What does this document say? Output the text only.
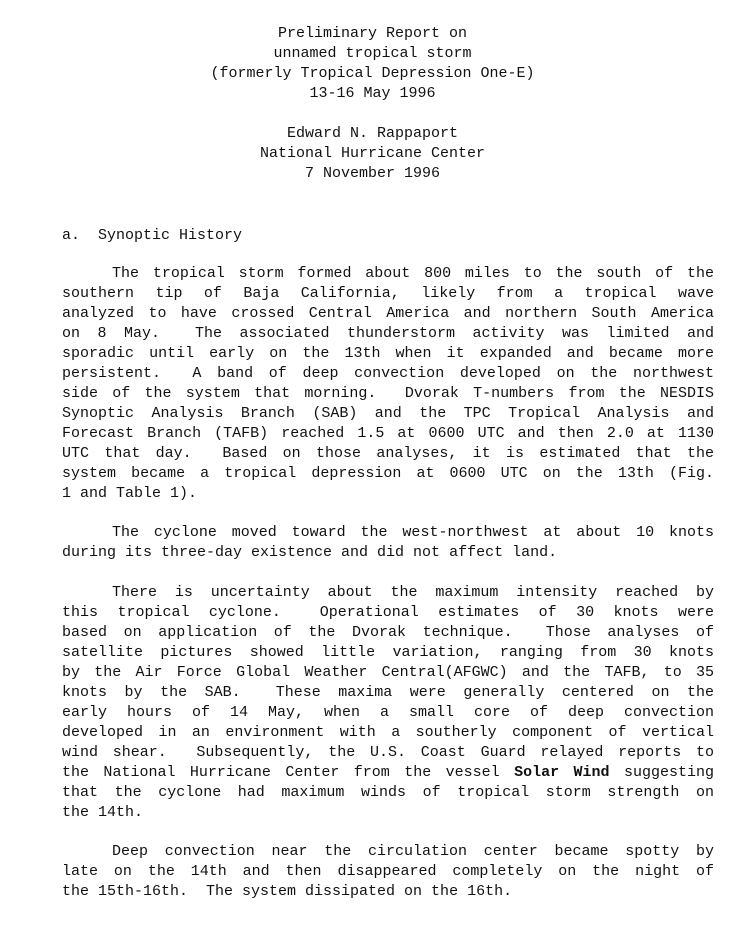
Preliminary Report on
unnamed tropical storm
(formerly Tropical Depression One-E)
13-16 May 1996
Edward N. Rappaport
National Hurricane Center
7 November 1996
a.  Synoptic History
The tropical storm formed about 800 miles to the south of the
southern tip of Baja California, likely from a tropical wave
analyzed to have crossed Central America and northern South America
on 8 May.  The associated thunderstorm activity was limited and
sporadic until early on the 13th when it expanded and became more
persistent.  A band of deep convection developed on the northwest
side of the system that morning.  Dvorak T-numbers from the NESDIS
Synoptic Analysis Branch (SAB) and the TPC Tropical Analysis and
Forecast Branch (TAFB) reached 1.5 at 0600 UTC and then 2.0 at 1130
UTC that day.  Based on those analyses, it is estimated that the
system became a tropical depression at 0600 UTC on the 13th (Fig.
1 and Table 1).
The cyclone moved toward the west-northwest at about 10 knots
during its three-day existence and did not affect land.
There is uncertainty about the maximum intensity reached by
this tropical cyclone.  Operational estimates of 30 knots were
based on application of the Dvorak technique.  Those analyses of
satellite pictures showed little variation, ranging from 30 knots
by the Air Force Global Weather Central(AFGWC) and the TAFB, to 35
knots by the SAB.  These maxima were generally centered on the
early hours of 14 May, when a small core of deep convection
developed in an environment with a southerly component of vertical
wind shear.  Subsequently, the U.S. Coast Guard relayed reports to
the National Hurricane Center from the vessel Solar Wind suggesting
that the cyclone had maximum winds of tropical storm strength on
the 14th.
Deep convection near the circulation center became spotty by
late on the 14th and then disappeared completely on the night of
the 15th-16th.  The system dissipated on the 16th.
